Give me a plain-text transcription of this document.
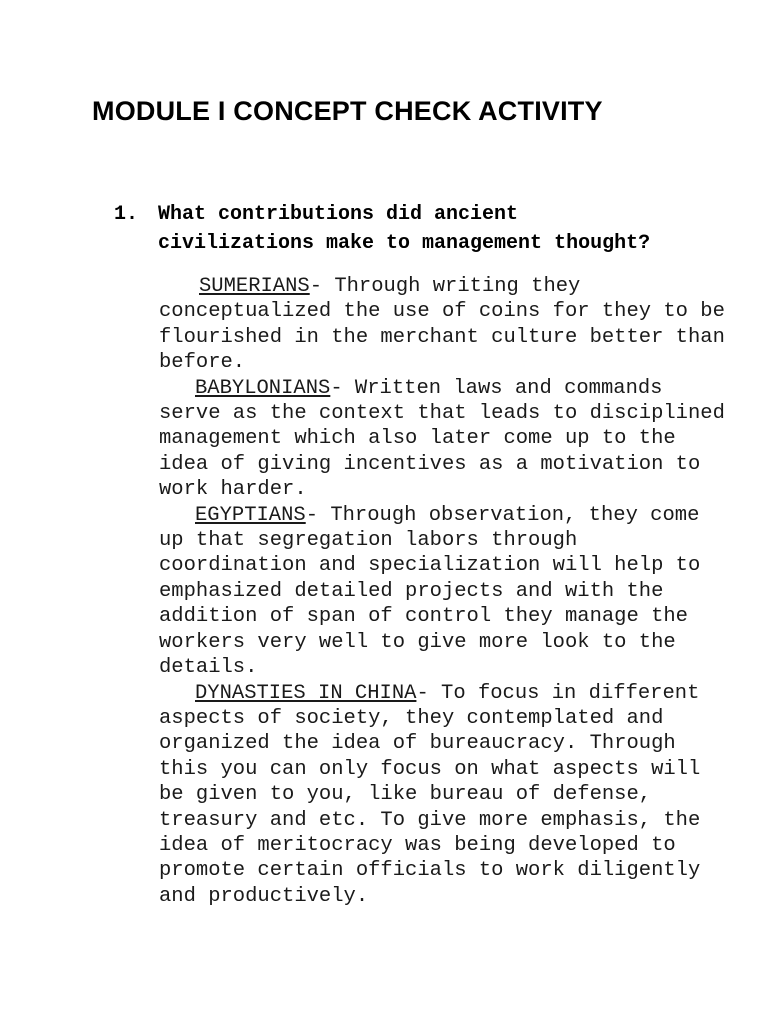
MODULE I CONCEPT CHECK ACTIVITY
1. What contributions did ancient
civilizations make to management thought?

SUMERIANS- Through writing they
conceptualized the use of coins for they to be
flourished in the merchant culture better than
before.

BABYLONIANS- Written laws and commands
serve as the context that leads to disciplined
management which also later come up to the
idea of giving incentives as a motivation to
work harder.

EGYPTIANS- Through observation, they come
up that segregation labors through
coordination and specialization will help to
emphasized detailed projects and with the
addition of span of control they manage the
workers very well to give more look to the
details.

DYNASTIES IN CHINA- To focus in different
aspects of society, they contemplated and
organized the idea of bureaucracy. Through
this you can only focus on what aspects will
be given to you, like bureau of defense,
treasury and etc. To give more emphasis, the
idea of meritocracy was being developed to
promote certain officials to work diligently
and productively.
